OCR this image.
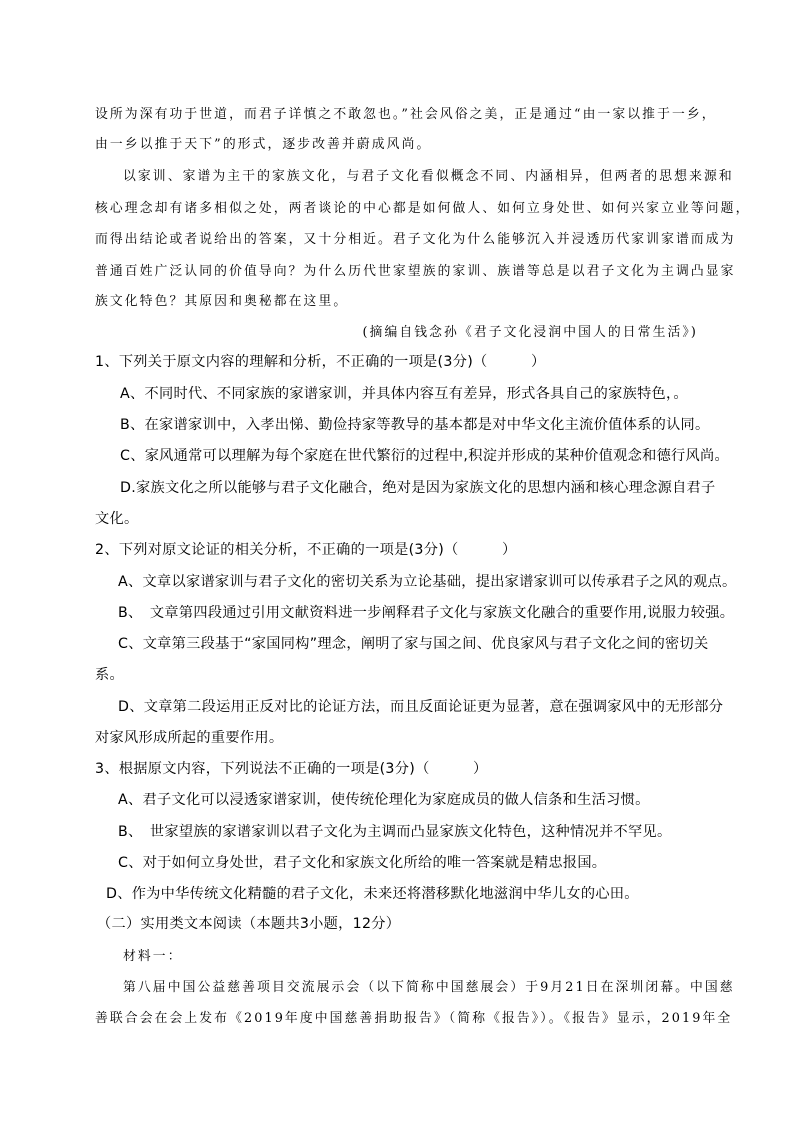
设所为深有功于世道，而君子详慎之不敢忽也。”社会风俗之美，正是通过“由一家以推于一乡，
由一乡以推于天下”的形式，逐步改善并蔚成风尚。
以家训、家谱为主干的家族文化，与君子文化看似概念不同、内涵相异，但两者的思想来源和
核心理念却有诸多相似之处，两者谈论的中心都是如何做人、如何立身处世、如何兴家立业等问题，
而得出结论或者说给出的答案，又十分相近。君子文化为什么能够沉入并浸透历代家训家谱而成为
普通百姓广泛认同的价值导向？为什么历代世家望族的家训、族谱等总是以君子文化为主调凸显家
族文化特色？其原因和奥秘都在这里。
(摘编自钱念孙《君子文化浸润中国人的日常生活》)
1、下列关于原文内容的理解和分析，不正确的一项是(3分)（　　　）
A、不同时代、不同家族的家谱家训，并具体内容互有差异，形式各具自己的家族特色，。
B、在家谱家训中，入孝出悌、勤俭持家等教导的基本都是对中华文化主流价值体系的认同。
C、家风通常可以理解为每个家庭在世代繁衍的过程中,积淀并形成的某种价值观念和德行风尚。
D.家族文化之所以能够与君子文化融合，绝对是因为家族文化的思想内涵和核心理念源自君子
文化。
2、下列对原文论证的相关分析，不正确的一项是(3分)（　　　）
A、文章以家谱家训与君子文化的密切关系为立论基础，提出家谱家训可以传承君子之风的观点。
B、　文章第四段通过引用文献资料进一步阐释君子文化与家族文化融合的重要作用,说服力较强。
C、文章第三段基于“家国同构”理念，阐明了家与国之间、优良家风与君子文化之间的密切关
系。
D、文章第二段运用正反对比的论证方法，而且反面论证更为显著，意在强调家风中的无形部分
对家风形成所起的重要作用。
3、根据原文内容，下列说法不正确的一项是(3分)（　　　）
A、君子文化可以浸透家谱家训，使传统伦理化为家庭成员的做人信条和生活习惯。
B、　世家望族的家谱家训以君子文化为主调而凸显家族文化特色，这种情况并不罕见。
C、对于如何立身处世，君子文化和家族文化所给的唯一答案就是精忠报国。
D、作为中华传统文化精髓的君子文化，未来还将潜移默化地滋润中华儿女的心田。
（二）实用类文本阅读（本题共3小题，12分）
材料一：
第八届中国公益慈善项目交流展示会（以下简称中国慈展会）于9月21日在深圳闭幕。中国慈
善联合会在会上发布《2019年度中国慈善捐助报告》（简称《报告》）。《报告》显示，2019年全
